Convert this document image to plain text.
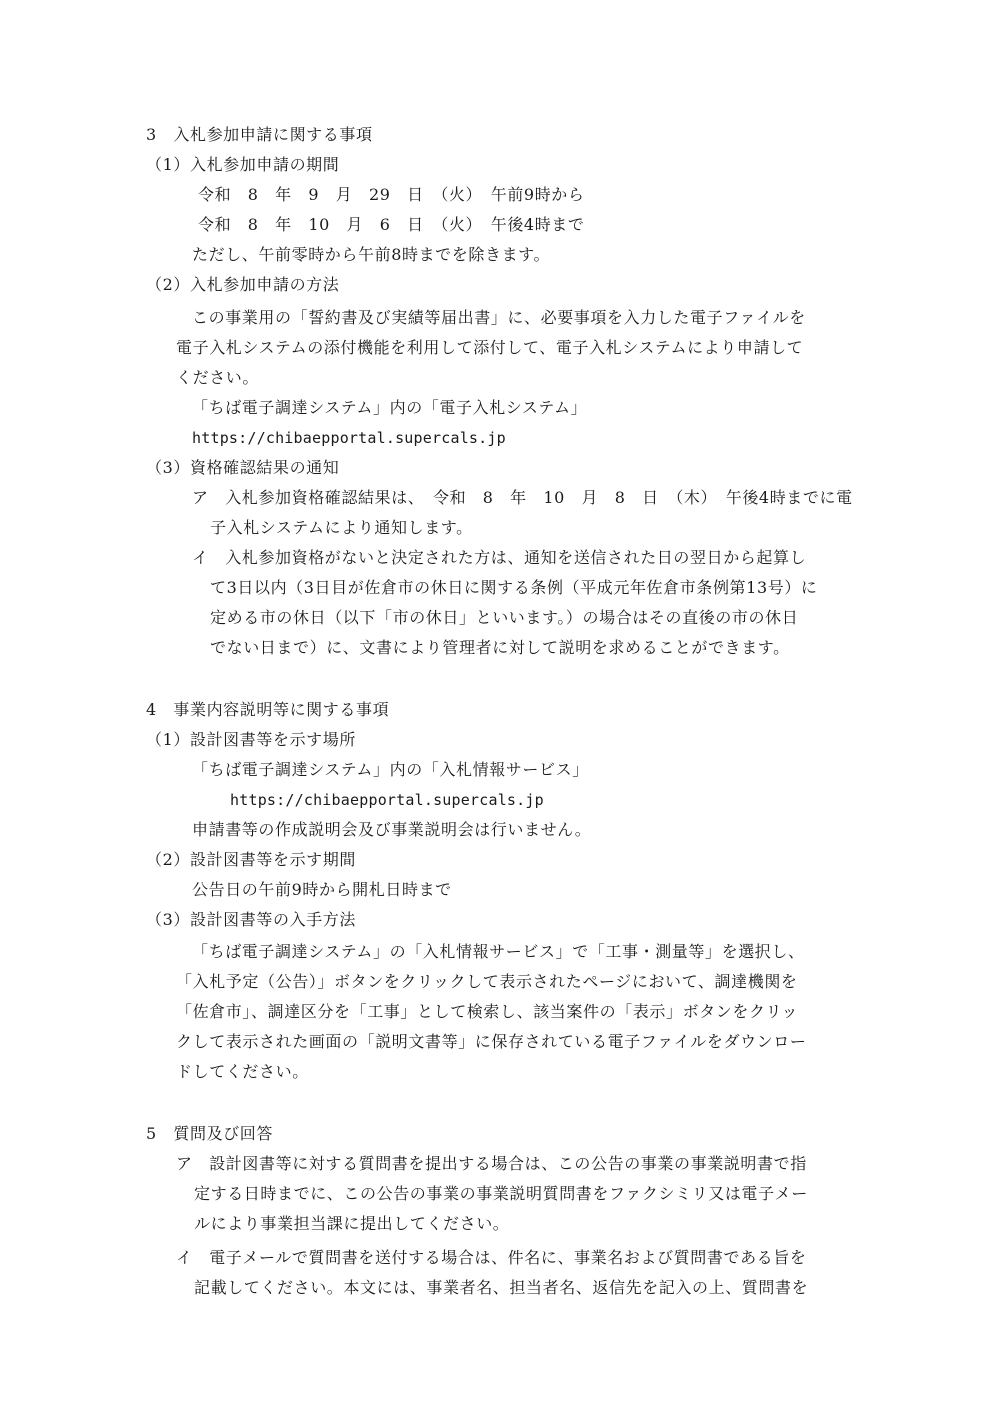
3　入札参加申請に関する事項
（1）入札参加申請の期間
令和　8　年　9　月　29　日　（火）　午前9時から
令和　8　年　10　月　6　日　（火）　午後4時まで
ただし、午前零時から午前8時までを除きます。
（2）入札参加申請の方法
この事業用の「誓約書及び実績等届出書」に、必要事項を入力した電子ファイルを
電子入札システムの添付機能を利用して添付して、電子入札システムにより申請して
ください。
「ちば電子調達システム」内の「電子入札システム」
https://chibaepportal.supercals.jp
（3）資格確認結果の通知
ア　入札参加資格確認結果は、　令和　8　年　10　月　8　日　（木）　午後4時までに電
子入札システムにより通知します。
イ　入札参加資格がないと決定された方は、通知を送信された日の翌日から起算し
て3日以内（3日目が佐倉市の休日に関する条例（平成元年佐倉市条例第13号）に
定める市の休日（以下「市の休日」といいます。）の場合はその直後の市の休日
でない日まで）に、文書により管理者に対して説明を求めることができます。
4　事業内容説明等に関する事項
（1）設計図書等を示す場所
「ちば電子調達システム」内の「入札情報サービス」
https://chibaepportal.supercals.jp
申請書等の作成説明会及び事業説明会は行いません。
（2）設計図書等を示す期間
公告日の午前9時から開札日時まで
（3）設計図書等の入手方法
「ちば電子調達システム」の「入札情報サービス」で「工事・測量等」を選択し、
「入札予定（公告）」ボタンをクリックして表示されたページにおいて、調達機関を
「佐倉市」、調達区分を「工事」として検索し、該当案件の「表示」ボタンをクリッ
クして表示された画面の「説明文書等」に保存されている電子ファイルをダウンロー
ドしてください。
5　質問及び回答
ア　設計図書等に対する質問書を提出する場合は、この公告の事業の事業説明書で指
定する日時までに、この公告の事業の事業説明質問書をファクシミリ又は電子メー
ルにより事業担当課に提出してください。
イ　電子メールで質問書を送付する場合は、件名に、事業名および質問書である旨を
記載してください。本文には、事業者名、担当者名、返信先を記入の上、質問書を
